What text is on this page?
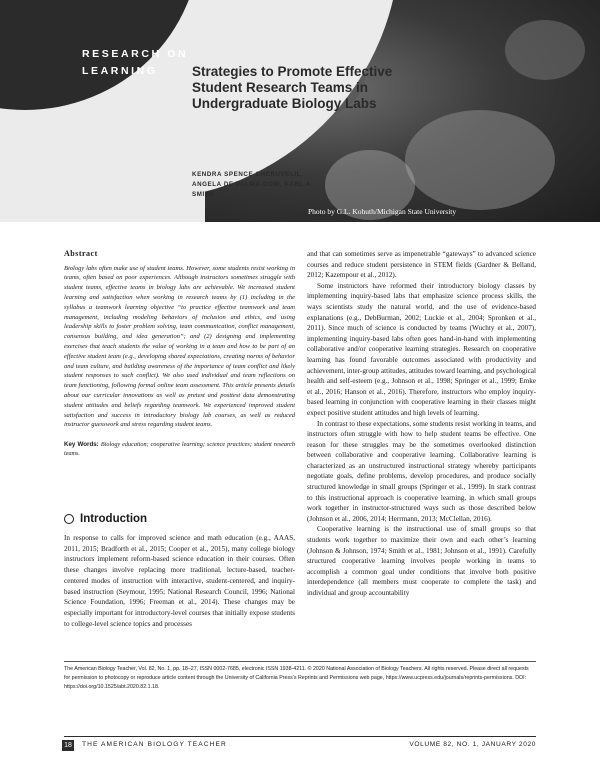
RESEARCH ON LEARNING	Strategies to Promote Effective Student Research Teams in Undergraduate Biology Labs
KENDRA SPENCE CHERUVELIL, ANGELA DE PALMA-DOW, KARL A. SMITH
Photo by G.L. Kohuth/Michigan State University
Abstract

Biology labs often make use of student teams. However, some students resist working in teams, often based on poor experiences. Although instructors sometimes struggle with student teams, effective teams in biology labs are achievable. We increased student learning and satisfaction when working in research teams by (1) including in the syllabus a teamwork learning objective “to practice effective teamwork and team management, including modeling behaviors of inclusion and ethics, and using leadership skills to foster problem solving, team communication, conflict management, consensus building, and idea generation”; and (2) designing and implementing exercises that teach students the value of working in a team and how to be part of an effective student team (e.g., developing shared expectations, creating norms of behavior and team culture, and building awareness of the importance of team conflict and likely student responses to such conflict). We also used individual and team reflections on team functioning, following formal online team assessment. This article presents details about our curricular innovations as well as pretest and posttest data demonstrating student attitudes and beliefs regarding teamwork. We experienced improved student satisfaction and success in introductory biology lab courses, as well as reduced instructor guesswork and stress regarding student teams.

Key Words: Biology education; cooperative learning; science practices; student research teams.

Introduction

In response to calls for improved science and math education (e.g., AAAS, 2011, 2015; Bradforth et al., 2015; Cooper et al., 2015), many college biology instructors implement reform-based science education in their courses. Often these changes involve replacing more traditional, lecture-based, teacher-centered modes of instruction with interactive, student-centered, and inquiry-based instruction (Seymour, 1995; National Research Council, 1996; National Science Foundation, 1996; Freeman et al., 2014). These changes may be especially important for introductory-level courses that initially expose students to college-level science topics and processes

and that can sometimes serve as impenetrable “gateways” to advanced science courses and reduce student persistence in STEM fields (Gardner & Belland, 2012; Kazempour et al., 2012).

Some instructors have reformed their introductory biology classes by implementing inquiry-based labs that emphasize science process skills, the ways scientists study the natural world, and the use of evidence-based explanations (e.g., DebBurman, 2002; Luckie et al., 2004; Spronken et al., 2011). Since much of science is conducted by teams (Wuchty et al., 2007), implementing inquiry-based labs often goes hand-in-hand with implementing collaborative and/or cooperative learning strategies. Research on cooperative learning has found favorable outcomes associated with productivity and achievement, inter-group attitudes, attitudes toward learning, and psychological health and self-esteem (e.g., Johnson et al., 1998; Springer et al., 1999; Emke et al., 2016; Hanson et al., 2016). Therefore, instructors who employ inquiry-based learning in conjunction with cooperative learning in their classes might expect positive student attitudes and high levels of learning.

In contrast to these expectations, some students resist working in teams, and instructors often struggle with how to help student teams be effective. One reason for these struggles may be the sometimes overlooked distinction between collaborative and cooperative learning. Collaborative learning is characterized as an unstructured instructional strategy whereby participants negotiate goals, define problems, develop procedures, and produce socially structured knowledge in small groups (Springer et al., 1999). In stark contrast to this instructional approach is cooperative learning, in which small groups work together in instructor-structured ways such as those described below (Johnson et al., 2006, 2014; Herrmann, 2013; McClellan, 2016).

Cooperative learning is the instructional use of small groups so that students work together to maximize their own and each other’s learning (Johnson & Johnson, 1974; Smith et al., 1981; Johnson et al., 1991). Carefully structured cooperative learning involves people working in teams to accomplish a common goal under conditions that involve both positive interdependence (all members must cooperate to complete the task) and individual and group accountability

The American Biology Teacher, Vol. 82, No. 1, pp. 18–27, ISSN 0002-7685, electronic ISSN 1938-4211. © 2020 National Association of Biology Teachers. All rights reserved. Please direct all requests for permission to photocopy or reproduce article content through the University of California Press’s Reprints and Permissions web page, https://www.ucpress.edu/journals/reprints-permissions. DOI: https://doi.org/10.1525/abt.2020.82.1.18.
18	THE AMERICAN BIOLOGY TEACHER	VOLUME 82, NO. 1, JANUARY 2020
